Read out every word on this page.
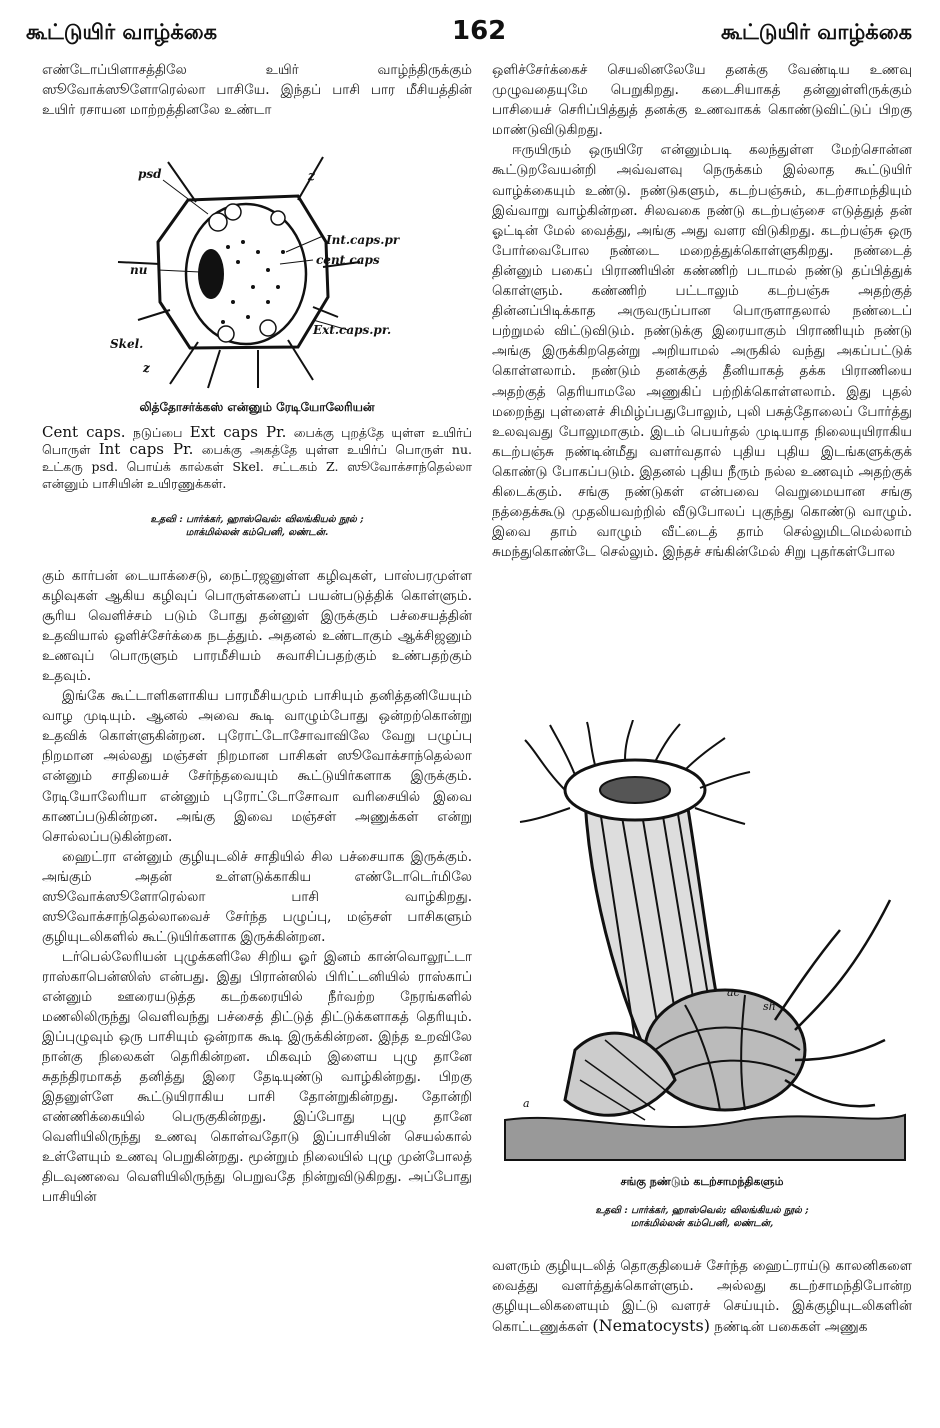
கூட்டுயிர் வாழ்க்கை	162	கூட்டுயிர் வாழ்க்கை

எண்டோப்பிளாசத்திலே உயிர் வாழ்ந்திருக்கும் ஸூவோக்ஸூளோரெல்லா பாசியே. இந்தப் பாசி பார மீசியத்தின் உயிர் ரசாயன மாற்றத்தினலே உண்டா

psd	z
Int.caps.pr
cent caps
nu
Ext.caps.pr.
Skel.
z
லித்தோசர்க்கஸ் என்னும் ரேடியோலேரியன்
Cent caps. நடுப்பை Ext caps Pr. பைக்கு புறத்தே யுள்ள உயிர்ப் பொருள் Int caps Pr. பைக்கு அகத்தே யுள்ள உயிர்ப் பொருள் nu. உட்கரு psd. பொய்க் கால்கள் Skel. சட்டகம் Z. ஸூவோக்சாந்தெல்லா என்னும் பாசியின் உயிரணுக்கள்.
உதவி : பார்க்கர், ஹாஸ்வெல்: விலங்கியல் நூல் ;
மாக்மில்லன் கம்பெனி, லண்டன்.

கும் கார்பன் டையாக்சைடு, நைட்ரஜனுள்ள கழிவுகள், பாஸ்பரமுள்ள கழிவுகள் ஆகிய கழிவுப் பொருள்களைப் பயன்படுத்திக் கொள்ளும். சூரிய வெளிச்சம் படும் போது தன்னுள் இருக்கும் பச்சையத்தின் உதவியால் ஒளிச்சேர்க்கை நடத்தும். அதனல் உண்டாகும் ஆக்சிஜனும் உணவுப் பொருளும் பாரமீசியம் சுவாசிப்பதற்கும் உண்பதற்கும் உதவும்.

இங்கே கூட்டாளிகளாகிய பாரமீசியமும் பாசியும் தனித்தனியேயும் வாழ முடியும். ஆனல் அவை கூடி வாழும்போது ஒன்றற்கொன்று உதவிக் கொள்ளுகின்றன. புரோட்டோசோவாவிலே வேறு பழுப்பு நிறமான அல்லது மஞ்சள் நிறமான பாசிகள் ஸூவோக்சாந்தெல்லா என்னும் சாதியைச் சேர்ந்தவையும் கூட்டுயிர்களாக இருக்கும். ரேடியோலேரியா என்னும் புரோட்டோசோவா வரிசையில் இவை காணப்படுகின்றன. அங்கு இவை மஞ்சள் அணுக்கள் என்று சொல்லப்படுகின்றன.

ஹைட்ரா என்னும் குழியுடலிச் சாதியில் சில பச்சையாக இருக்கும். அங்கும் அதன் உள்ளடுக்காகிய எண்டோடெர்மிலே ஸூவோக்ஸூளோரெல்லா பாசி வாழ்கிறது. ஸூவோக்சாந்தெல்லாவைச் சேர்ந்த பழுப்பு, மஞ்சள் பாசிகளும் குழியுடலிகளில் கூட்டுயிர்களாக இருக்கின்றன.

டர்பெல்லேரியன் புழுக்களிலே சிறிய ஓர் இனம் கான்வொலூட்டா ராஸ்காபென்ஸிஸ் என்பது. இது பிரான்ஸில் பிரிட்டனியில் ராஸ்காப் என்னும் ஊரையடுத்த கடற்கரையில் நீர்வற்ற நேரங்களில் மணலிலிருந்து வெளிவந்து பச்சைத் திட்டுத் திட்டுக்களாகத் தெரியும். இப்புழுவும் ஒரு பாசியும் ஒன்றாக கூடி இருக்கின்றன. இந்த உறவிலே நான்கு நிலைகள் தெரிகின்றன. மிகவும் இளைய புழு தானே சுதந்திரமாகத் தனித்து இரை தேடியுண்டு வாழ்கின்றது. பிறகு இதனுள்ளே கூட்டுயிராகிய பாசி தோன்றுகின்றது. தோன்றி எண்ணிக்கையில் பெருகுகின்றது. இப்போது புழு தானே வெளியிலிருந்து உணவு கொள்வதோடு இப்பாசியின் செயல்கால் உள்ளேயும் உணவு பெறுகின்றது. மூன்றும் நிலையில் புழு முன்போலத் திடவுணவை வெளியிலிருந்து பெறுவதே நின்றுவிடுகிறது. அப்போது பாசியின்

ஒளிச்சேர்க்கைச் செயலினலேயே தனக்கு வேண்டிய உணவு முழுவதையுமே பெறுகிறது. கடைசியாகத் தன்னுள்ளிருக்கும் பாசியைச் செரிப்பித்துத் தனக்கு உணவாகக் கொண்டுவிட்டுப் பிறகு மாண்டுவிடுகிறது.

ஈருயிரும் ஒருயிரே என்னும்படி கலந்துள்ள மேற்சொன்ன கூட்டுறவேயன்றி அவ்வளவு நெருக்கம் இல்லாத கூட்டுயிர் வாழ்க்கையும் உண்டு. நண்டுகளும், கடற்பஞ்சும், கடற்சாமந்தியும் இவ்வாறு வாழ்கின்றன. சிலவகை நண்டு கடற்பஞ்சை எடுத்துத் தன் ஓட்டின் மேல் வைத்து, அங்கு அது வளர விடுகிறது. கடற்பஞ்சு ஒரு போர்வைபோல நண்டை மறைத்துக்கொள்ளுகிறது. நண்டைத் தின்னும் பகைப் பிராணியின் கண்ணிற் படாமல் நண்டு தப்பித்துக் கொள்ளும். கண்ணிற் பட்டாலும் கடற்பஞ்சு அதற்குத் தின்னப்பிடிக்காத அருவருப்பான பொருளாதலால் நண்டைப் பற்றுமல் விட்டுவிடும். நண்டுக்கு இரையாகும் பிராணியும் நண்டு அங்கு இருக்கிறதென்று அறியாமல் அருகில் வந்து அகப்பட்டுக் கொள்ளலாம். நண்டும் தனக்குத் தீனியாகத் தக்க பிராணியை அதற்குத் தெரியாமலே அணுகிப் பற்றிக்கொள்ளலாம். இது புதல் மறைந்து புள்ளைச் சிமிழ்ப்பதுபோலும், புலி பசுத்தோலைப் போர்த்து உலவுவது போலுமாகும். இடம் பெயர்தல் முடியாத நிலையுயிராகிய கடற்பஞ்சு நண்டின்மீது வளர்வதால் புதிய புதிய இடங்களுக்குக் கொண்டு போகப்படும். இதனல் புதிய நீரும் நல்ல உணவும் அதற்குக் கிடைக்கும். சங்கு நண்டுகள் என்பவை வெறுமையான சங்கு நத்தைக்கூடு முதலியவற்றில் வீடுபோலப் புகுந்து கொண்டு வாழும். இவை தாம் வாழும் வீட்டைத் தாம் செல்லுமிடமெல்லாம் சுமந்துகொண்டே செல்லும். இந்தச் சங்கின்மேல் சிறு புதர்கள்போல

ac
sh
a
சங்கு நண்டும் கடற்சாமந்திகளும்
உதவி : பார்க்கர், ஹாஸ்வெல்; விலங்கியல் நூல் ;
மாக்மில்லன் கம்பெனி, லண்டன்,

வளரும் குழியுடலித் தொகுதியைச் சேர்ந்த ஹைட்ராய்டு காலனிகளை வைத்து வளர்த்துக்கொள்ளும். அல்லது கடற்சாமந்திபோன்ற குழியுடலிகளையும் இட்டு வளரச் செய்யும். இக்குழியுடலிகளின் கொட்டணுக்கள் (Nematocysts) நண்டின் பகைகள் அணுக
